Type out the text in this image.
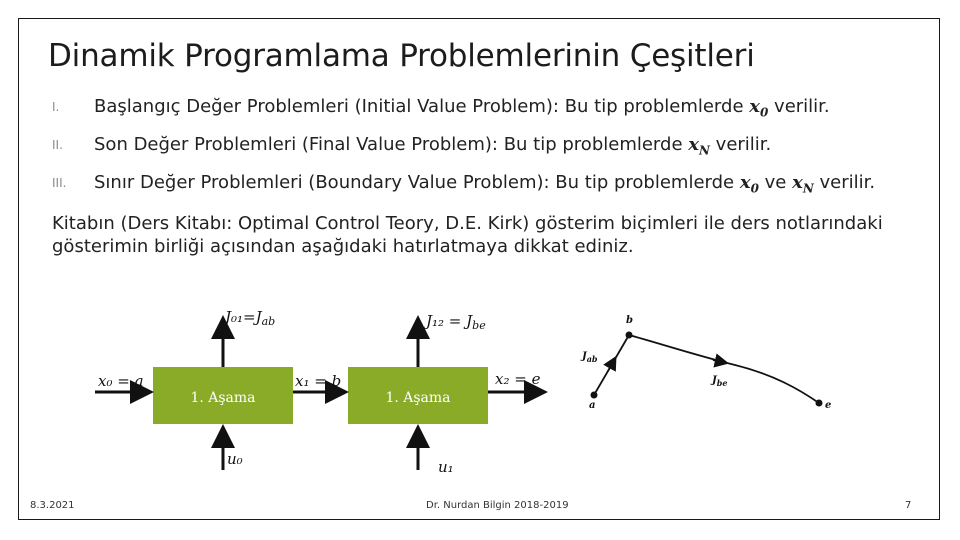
Dinamik Programlama Problemlerinin Çeşitleri
I.	Başlangıç Değer Problemleri (Initial Value Problem): Bu tip problemlerde $x_0$ verilir.
II.	Son Değer Problemleri (Final Value Problem): Bu tip problemlerde $x_N$ verilir.
III.	Sınır Değer Problemleri (Boundary Value Problem): Bu tip problemlerde $x_0$ ve $x_N$ verilir.
Kitabın (Ders Kitabı: Optimal Control Teory, D.E. Kirk) gösterim biçimleri ile ders notlarındaki gösterimin birliği açısından aşağıdaki hatırlatmaya dikkat ediniz.
1. Aşama	1. Aşama
x₀ = a	x₁ = b	x₂ = e
$J_{01}=J_{ab}$	$J_{12} = J_{be}$
u₀	u₁
a
b
e
$J_{ab}$
$J_{be}$
8.3.2021	Dr. Nurdan Bilgin 2018-2019	7
